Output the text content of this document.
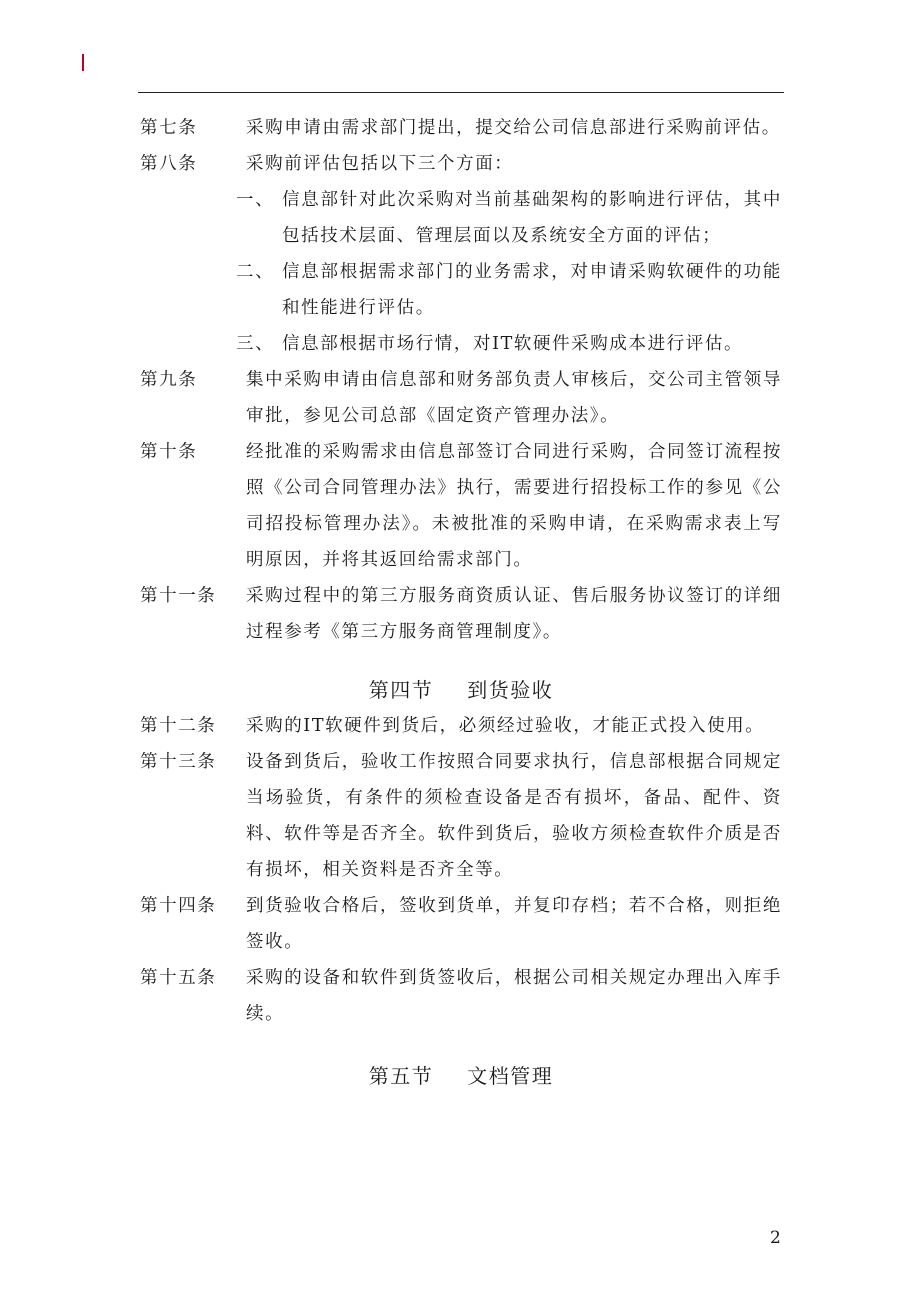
第七条	采购申请由需求部门提出，提交给公司信息部进行采购前评估。
第八条	采购前评估包括以下三个方面：
一、 信息部针对此次采购对当前基础架构的影响进行评估，其中包括技术层面、管理层面以及系统安全方面的评估；
二、 信息部根据需求部门的业务需求，对申请采购软硬件的功能和性能进行评估。
三、 信息部根据市场行情，对IT软硬件采购成本进行评估。
第九条	集中采购申请由信息部和财务部负责人审核后，交公司主管领导审批，参见公司总部《固定资产管理办法》。
第十条	经批准的采购需求由信息部签订合同进行采购，合同签订流程按照《公司合同管理办法》执行，需要进行招投标工作的参见《公司招投标管理办法》。未被批准的采购申请，在采购需求表上写明原因，并将其返回给需求部门。
第十一条 采购过程中的第三方服务商资质认证、售后服务协议签订的详细过程参考《第三方服务商管理制度》。
第四节 到货验收
第十二条 采购的IT软硬件到货后，必须经过验收，才能正式投入使用。
第十三条 设备到货后，验收工作按照合同要求执行，信息部根据合同规定当场验货，有条件的须检查设备是否有损坏，备品、配件、资料、软件等是否齐全。软件到货后，验收方须检查软件介质是否有损坏，相关资料是否齐全等。
第十四条 到货验收合格后，签收到货单，并复印存档；若不合格，则拒绝签收。
第十五条 采购的设备和软件到货签收后，根据公司相关规定办理出入库手续。
第五节 文档管理
2
